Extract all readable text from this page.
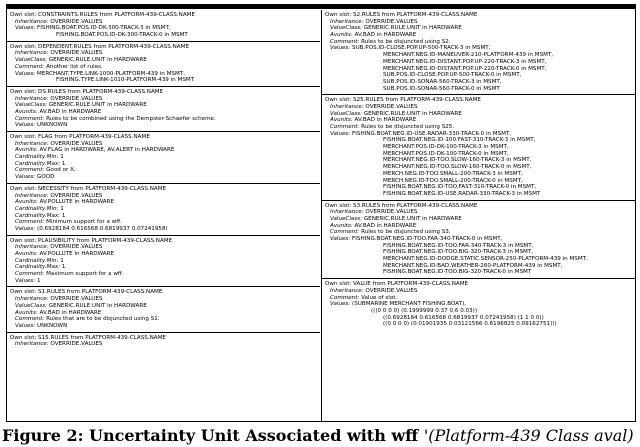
Own slot: CONSTRAINTS.RULES from PLATFORM-439-CLASS.NAME
Inheritance: OVERRIDE.VALUES
Values: FISHING.BOAT.POS.ID-DK-300-TRACK-3 in MSMT,
FISHING.BOAT.POS.ID-DK-300-TRACK-0 in MSMT
Own slot: DEPENDENT.RULES from PLATFORM-439-CLASS.NAME
Inheritance: OVERRIDE.VALUES
ValueClass: GENERIC.RULE.UNIT in HARDWARE
Comment: Another list of rules.
Values: MERCHANT.TYPE.LINK-1000-PLATFORM-439 in MSMT,
FISHING.TYPE.LINK-1010-PLATFORM-439 in MSMT
Own slot: DS.RULES from PLATFORM-439-CLASS.NAME
Inheritance: OVERRIDE.VALUES
ValueClass: GENERIC.RULE.UNIT in HARDWARE
Avunits: AV.BAD in HARDWARE
Comment: Rules to be combined using the Dempster-Schaefer scheme.
Values: UNKNOWN
Own slot: FLAG from PLATFORM-439-CLASS.NAME
Inheritance: OVERRIDE.VALUES
Avunits: AV.FLAG in HARDWARE, AV.ALERT in HARDWARE
Cardinality.Min: 1
Cardinality.Max: 1
Comment: Good or X.
Values: GOOD
Own slot: NECESSITY from PLATFORM-439-CLASS.NAME
Inheritance: OVERRIDE.VALUES
Avunits: AV.POLLUTE in HARDWARE
Cardinality.Min: 1
Cardinality.Max: 1
Comment: Minimum support for a wff.
Values: (0.6928184 0.616568 0.6819937 0.07241958)
Own slot: PLAUSIBILITY from PLATFORM-439-CLASS.NAME
Inheritance: OVERRIDE.VALUES
Avunits: AV.POLLUTE in HARDWARE
Cardinality.Min: 1
Cardinality.Max: 1
Comment: Maximum support for a wff.
Values: 1
Own slot: S1.RULES from PLATFORM-439-CLASS.NAME
Inheritance: OVERRIDE.VALUES
ValueClass: GENERIC.RULE.UNIT in HARDWARE
Avunits: AV.BAD in HARDWARE
Comment: Rules that are to be disjuncted using S1.
Values: UNKNOWN
Own slot: S15.RULES from PLATFORM-439-CLASS.NAME
Inheritance: OVERRIDE.VALUES
Own slot: S2.RULES from PLATFORM-439-CLASS.NAME
Inheritance: OVERRIDE.VALUES
ValueClass: GENERIC.RULE.UNIT in HARDWARE
Avunits: AV.BAD in HARDWARE
Comment: Rules to be disjuncted using S2.
Values: SUB.POS.ID-CLOSE.POP.UP-500-TRACK-3 in MSMT,
MERCHANT.NEG.ID-MANEUVER-210-PLATFORM-439 in MSMT,
MERCHANT.NEG.ID-DISTANT.POP.UP-220-TRACK-3 in MSMT,
MERCHANT.NEG.ID-DISTANT.POP.UP-220-TRACK-0 in MSMT,
SUB.POS.ID-CLOSE.POP.UP-500-TRACK-0 in MSMT,
SUB.POS.ID-SONAR-560-TRACK-3 in MSMT,
SUB.POS.ID-SONAR-560-TRACK-0 in MSMT
Own slot: S25.RULES from PLATFORM-439-CLASS.NAME
Inheritance: OVERRIDE.VALUES
ValueClass: GENERIC.RULE.UNIT in HARDWARE
Avunits: AV.BAD in HARDWARE
Comment: Rules to be disjuncted using S25.
Values: FISHING.BOAT.NEG.ID-USE.RADAR-330-TRACK-0 in MSMT,
FISHING.BOAT.NEG.ID-100.FAST-310-TRACK-3 in MSMT,
MERCHANT.POS.ID-DK-100-TRACK-3 in MSMT,
MERCHANT.POS.ID-DK-100-TRACK-0 in MSMT,
MERCHANT.NEG.ID-TOO.SLOW-160-TRACK-3 in MSMT,
MERCHANT.NEG.ID-TOO.SLOW-160-TRACK-0 in MSMT,
MERCH.NEG.ID-TOO.SMALL-200-TRACK-3 in MSMT,
MERCH.NEG.ID-TOO.SMALL-200-TRACK-0 in MSMT,
FISHING.BOAT.NEG.ID-TOO.FAST-310-TRACK-0 in MSMT,
FISHING.BOAT.NEG.ID-USE.RADAR-330-TRACK-3 in MSMT
Own slot: S3.RULES from PLATFORM-439-CLASS.NAME
Inheritance: OVERRIDE.VALUES
ValueClass: GENERIC.RULE.UNIT in HARDWARE
Avunits: AV.BAD in HARDWARE
Comment: Rules to be disjuncted using S3.
Values: FISHING.BOAT.NEG.ID-TOO.FAR-340-TRACK-0 in MSMT,
FISHING.BOAT.NEG.ID-TOO.FAR-340-TRACK-3 in MSMT,
FISHING.BOAT.NEG.ID-TOO.BIG-320-TRACK-3 in MSMT,
MERCHANT.NEG.ID-DODGE.STATIC.SENSOR-250-PLATFORM-439 in MSMT,
MERCHANT.NEG.ID-BAD.WEATHER-260-PLATFORM-439 in MSMT,
FISHING.BOAT.NEG.ID-TOO.BIG-320-TRACK-0 in MSMT
Own slot: VALUE from PLATFORM-439-CLASS.NAME
Inheritance: OVERRIDE.VALUES
Comment: Value of slot.
Values: (SUBMARINE MERCHANT FISHING.BOAT),
(((0 0 0 0) (0.1999999 0.37 0.6 0.03))
((0.6928184 0.616568 0.6819937 0.07241958) (1 1 0 0))
((0 0 0 0) (0.01901935 0.03121566 0.6196825 0.09162751)))
Figure 2: Uncertainty Unit Associated with wff '(Platform-439 Class aval)
